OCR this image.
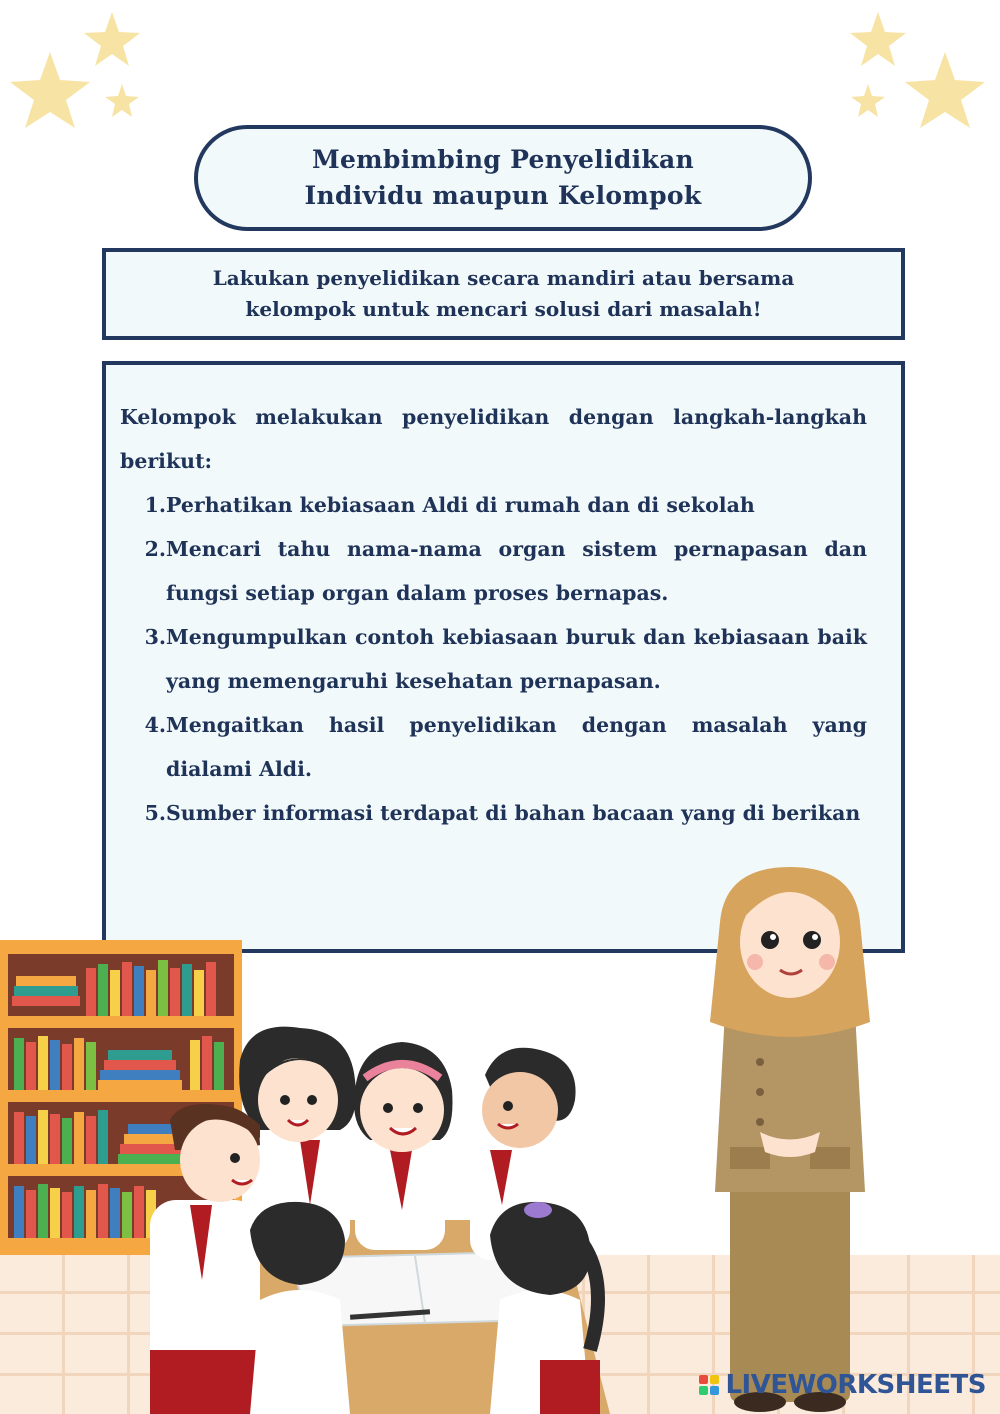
Membimbing Penyelidikan
Individu maupun Kelompok
Lakukan penyelidikan secara mandiri atau bersama
kelompok untuk mencari solusi dari masalah!
Kelompok melakukan penyelidikan dengan langkah-langkah berikut:
1. Perhatikan kebiasaan Aldi di rumah dan di sekolah
2. Mencari tahu nama-nama organ sistem pernapasan dan fungsi setiap organ dalam proses bernapas.
3. Mengumpulkan contoh kebiasaan buruk dan kebiasaan baik yang memengaruhi kesehatan pernapasan.
4. Mengaitkan hasil penyelidikan dengan masalah yang dialami Aldi.
5. Sumber informasi terdapat di bahan bacaan yang di berikan
LIVEWORKSHEETS
